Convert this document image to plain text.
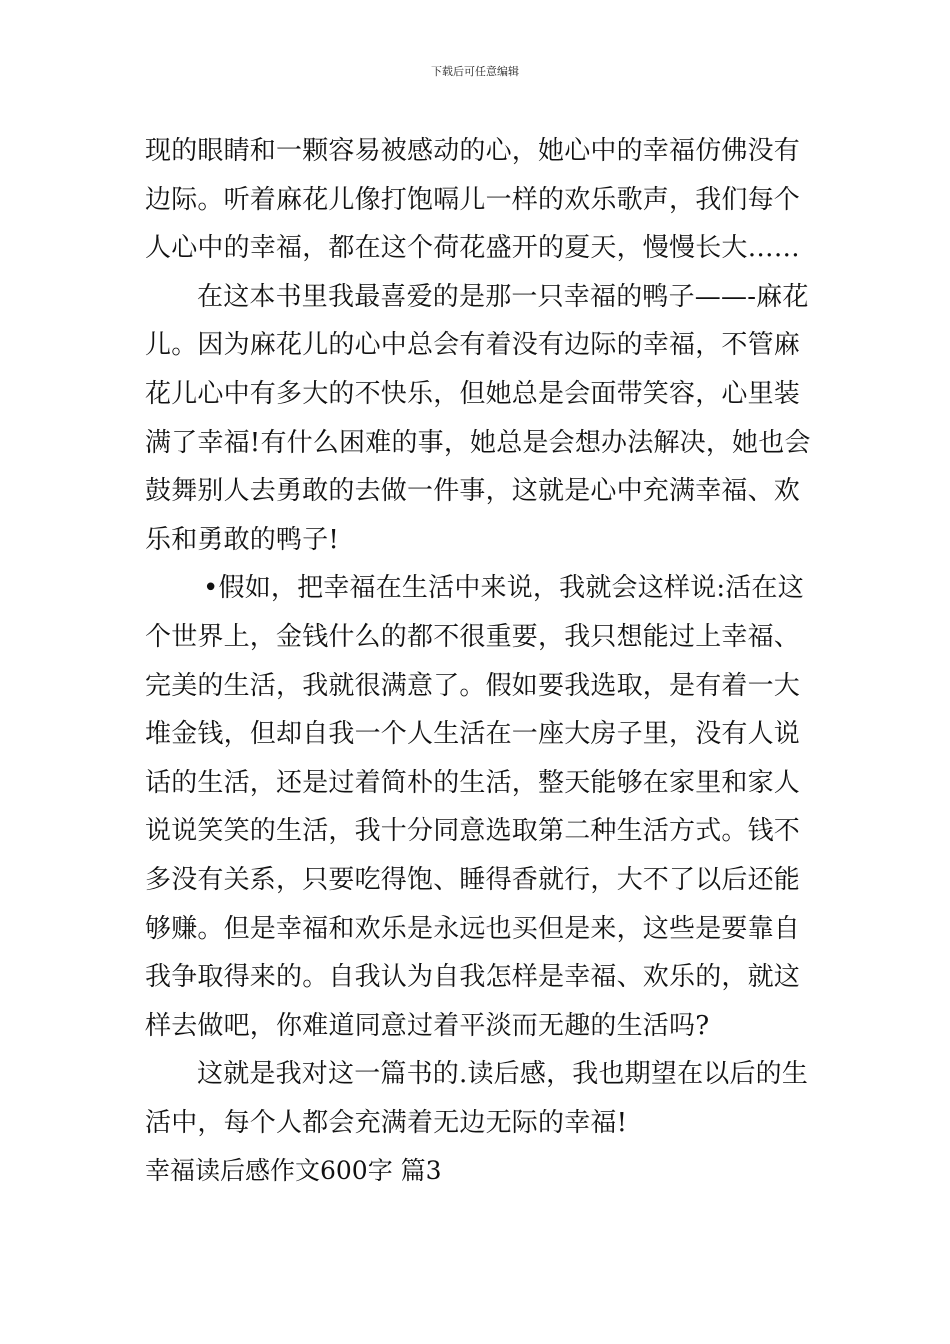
下载后可任意编辑
现的眼睛和一颗容易被感动的心，她心中的幸福仿佛没有
边际。听着麻花儿像打饱嗝儿一样的欢乐歌声，我们每个
人心中的幸福，都在这个荷花盛开的夏天，慢慢长大……
在这本书里我最喜爱的是那一只幸福的鸭子——-麻花
儿。因为麻花儿的心中总会有着没有边际的幸福，不管麻
花儿心中有多大的不快乐，但她总是会面带笑容，心里装
满了幸福!有什么困难的事，她总是会想办法解决，她也会
鼓舞别人去勇敢的去做一件事，这就是心中充满幸福、欢
乐和勇敢的鸭子!
•假如，把幸福在生活中来说，我就会这样说:活在这
个世界上，金钱什么的都不很重要，我只想能过上幸福、
完美的生活，我就很满意了。假如要我选取，是有着一大
堆金钱，但却自我一个人生活在一座大房子里，没有人说
话的生活，还是过着简朴的生活，整天能够在家里和家人
说说笑笑的生活，我十分同意选取第二种生活方式。钱不
多没有关系，只要吃得饱、睡得香就行，大不了以后还能
够赚。但是幸福和欢乐是永远也买但是来，这些是要靠自
我争取得来的。自我认为自我怎样是幸福、欢乐的，就这
样去做吧，你难道同意过着平淡而无趣的生活吗?
这就是我对这一篇书的.读后感，我也期望在以后的生
活中，每个人都会充满着无边无际的幸福!
幸福读后感作文600字 篇3
